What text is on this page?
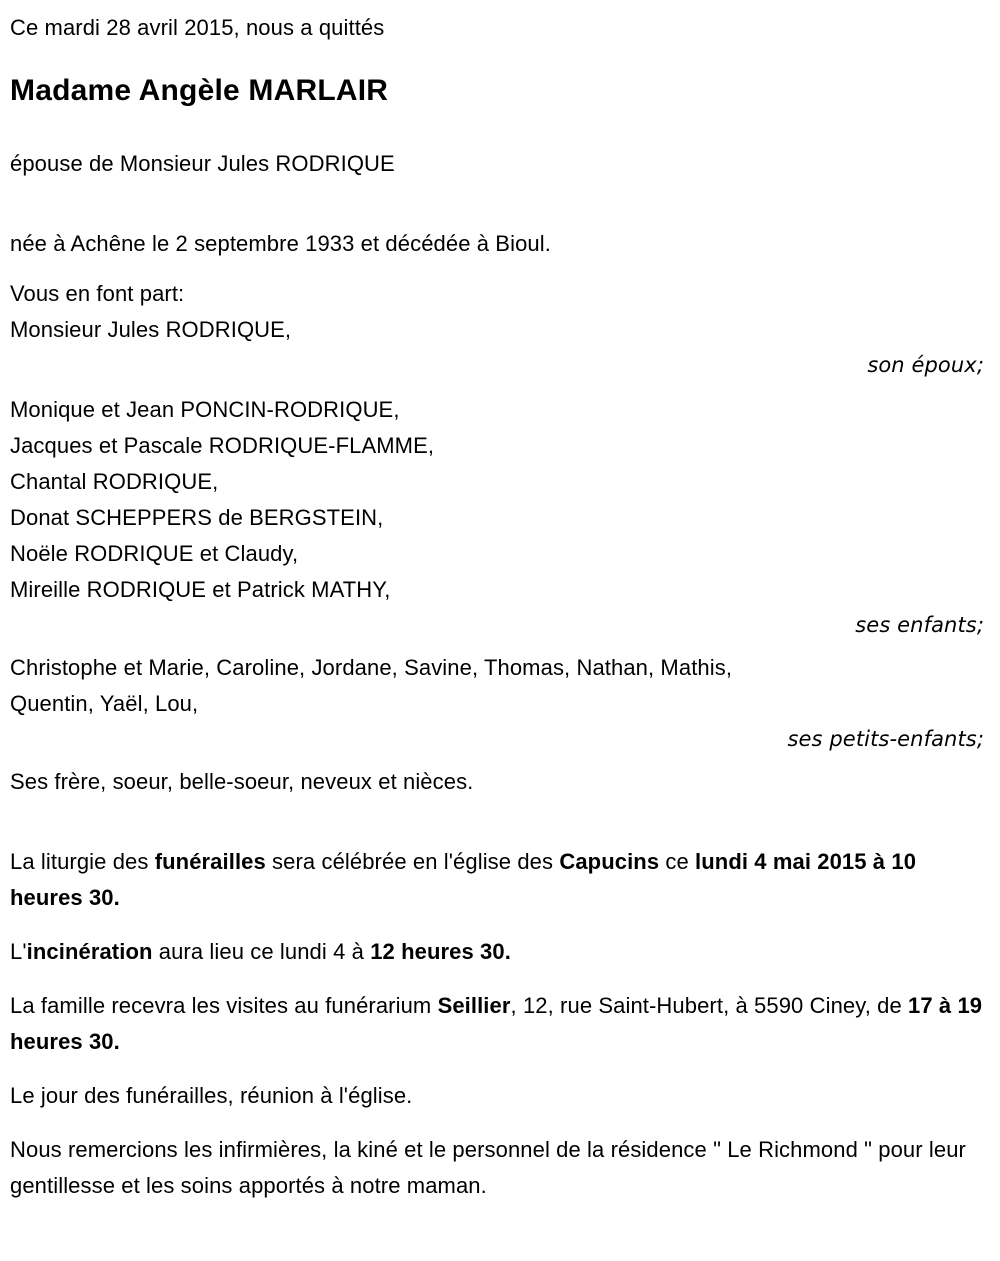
Ce mardi 28 avril 2015, nous a quittés
Madame Angèle MARLAIR
épouse de Monsieur Jules RODRIQUE
née à Achêne le 2 septembre 1933 et décédée à Bioul.
Vous en font part:
Monsieur Jules RODRIQUE,
son époux;
Monique et Jean PONCIN-RODRIQUE,
Jacques et Pascale RODRIQUE-FLAMME,
Chantal RODRIQUE,
Donat SCHEPPERS de BERGSTEIN,
Noële RODRIQUE et Claudy,
Mireille RODRIQUE et Patrick MATHY,
ses enfants;
Christophe et Marie, Caroline, Jordane, Savine, Thomas, Nathan, Mathis,
Quentin, Yaël, Lou,
ses petits-enfants;
Ses frère, soeur, belle-soeur, neveux et nièces.

La liturgie des funérailles sera célébrée en l'église des Capucins ce lundi 4 mai 2015 à 10 heures 30.

L'incinération aura lieu ce lundi 4 à 12 heures 30.

La famille recevra les visites au funérarium Seillier, 12, rue Saint-Hubert, à 5590 Ciney, de 17 à 19 heures 30.

Le jour des funérailles, réunion à l'église.

Nous remercions les infirmières, la kiné et le personnel de la résidence " Le Richmond " pour leur gentillesse et les soins apportés à notre maman.
